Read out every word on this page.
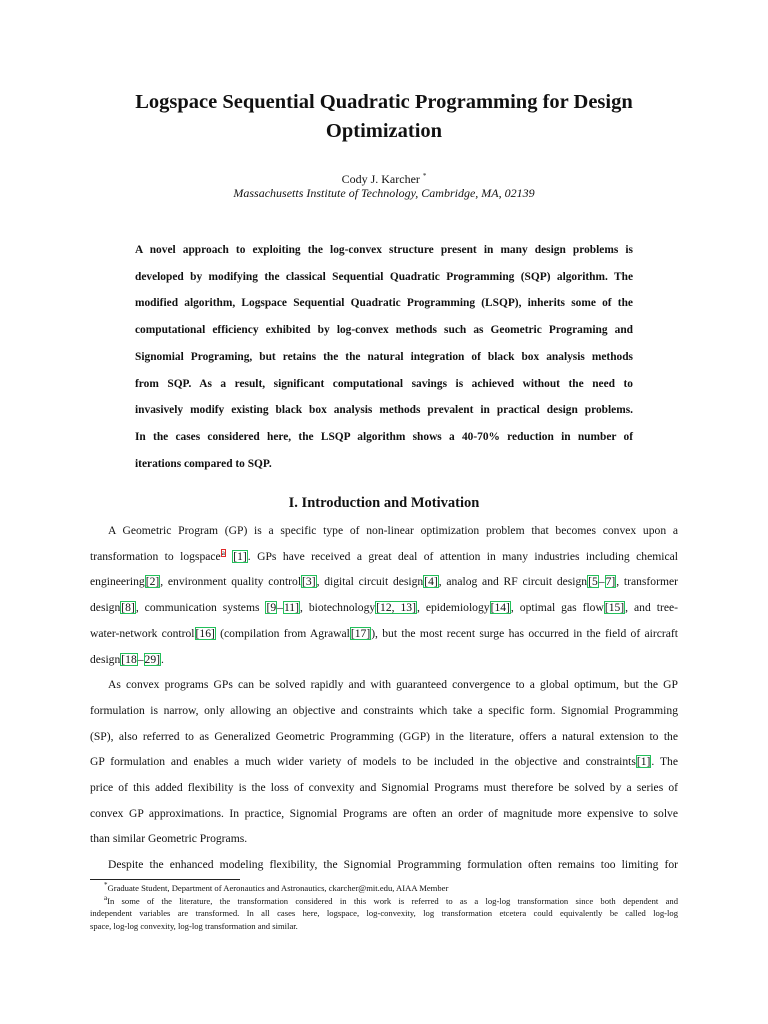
Logspace Sequential Quadratic Programming for Design
Optimization
Cody J. Karcher *
Massachusetts Institute of Technology, Cambridge, MA, 02139
A novel approach to exploiting the log-convex structure present in many design problems is
developed by modifying the classical Sequential Quadratic Programming (SQP) algorithm. The
modified algorithm, Logspace Sequential Quadratic Programming (LSQP), inherits some of the
computational efficiency exhibited by log-convex methods such as Geometric Programing and
Signomial Programing, but retains the the natural integration of black box analysis methods
from SQP. As a result, significant computational savings is achieved without the need to
invasively modify existing black box analysis methods prevalent in practical design problems.
In the cases considered here, the LSQP algorithm shows a 40-70% reduction in number of
iterations compared to SQP.
I. Introduction and Motivation
A Geometric Program (GP) is a specific type of non-linear optimization problem that becomes convex upon a
transformation to logspace$^a$ [1]. GPs have received a great deal of attention in many industries including chemical
engineering[2], environment quality control[3], digital circuit design[4], analog and RF circuit design[5–7], transformer
design[8], communication systems [9–11], biotechnology[12, 13], epidemiology[14], optimal gas flow[15], and tree-
water-network control[16] (compilation from Agrawal[17]), but the most recent surge has occurred in the field of aircraft
design[18–29].
As convex programs GPs can be solved rapidly and with guaranteed convergence to a global optimum, but the GP
formulation is narrow, only allowing an objective and constraints which take a specific form. Signomial Programming
(SP), also referred to as Generalized Geometric Programming (GGP) in the literature, offers a natural extension to the
GP formulation and enables a much wider variety of models to be included in the objective and constraints[1]. The
price of this added flexibility is the loss of convexity and Signomial Programs must therefore be solved by a series of
convex GP approximations. In practice, Signomial Programs are often an order of magnitude more expensive to solve
than similar Geometric Programs.
Despite the enhanced modeling flexibility, the Signomial Programming formulation often remains too limiting for
*Graduate Student, Department of Aeronautics and Astronautics, ckarcher@mit.edu, AIAA Member
$^a$In some of the literature, the transformation considered in this work is referred to as a log-log transformation since both dependent and
independent variables are transformed. In all cases here, logspace, log-convexity, log transformation etcetera could equivalently be called log-log
space, log-log convexity, log-log transformation and similar.
